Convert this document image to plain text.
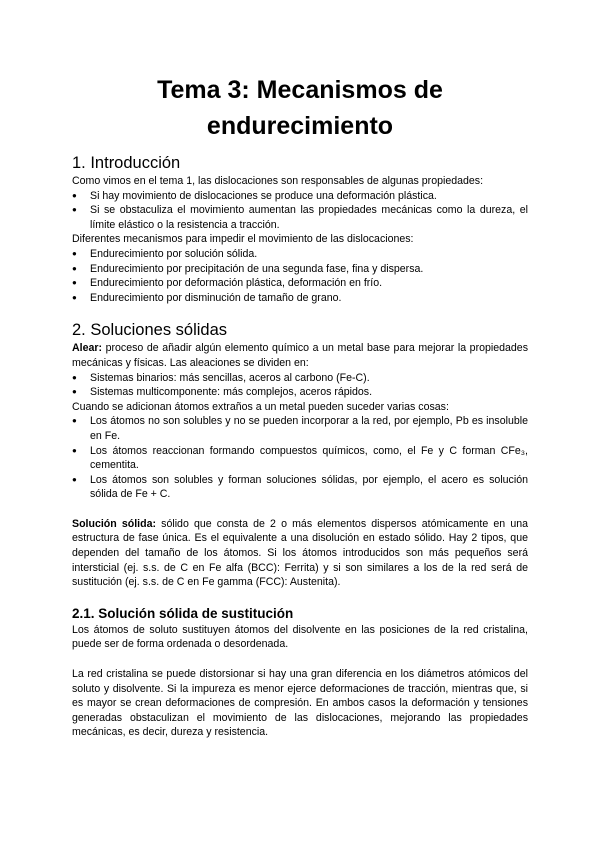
Tema 3: Mecanismos de endurecimiento
1. Introducción

Como vimos en el tema 1, las dislocaciones son responsables de algunas propiedades:

● Si hay movimiento de dislocaciones se produce una deformación plástica.
● Si se obstaculiza el movimiento aumentan las propiedades mecánicas como la dureza, el límite elástico o la resistencia a tracción.

Diferentes mecanismos para impedir el movimiento de las dislocaciones:

● Endurecimiento por solución sólida.
● Endurecimiento por precipitación de una segunda fase, fina y dispersa.
● Endurecimiento por deformación plástica, deformación en frío.
● Endurecimiento por disminución de tamaño de grano.
2. Soluciones sólidas

Alear: proceso de añadir algún elemento químico a un metal base para mejorar la propiedades mecánicas y físicas. Las aleaciones se dividen en:

● Sistemas binarios: más sencillas, aceros al carbono (Fe-C).
● Sistemas multicomponente: más complejos, aceros rápidos.

Cuando se adicionan átomos extraños a un metal pueden suceder varias cosas:

● Los átomos no son solubles y no se pueden incorporar a la red, por ejemplo, Pb es insoluble en Fe.
● Los átomos reaccionan formando compuestos químicos, como, el Fe y C forman CFe₃, cementita.
● Los átomos son solubles y forman soluciones sólidas, por ejemplo, el acero es solución sólida de Fe + C.

Solución sólida: sólido que consta de 2 o más elementos dispersos atómicamente en una estructura de fase única. Es el equivalente a una disolución en estado sólido. Hay 2 tipos, que dependen del tamaño de los átomos. Si los átomos introducidos son más pequeños será intersticial (ej. s.s. de C en Fe alfa (BCC): Ferrita) y si son similares a los de la red será de sustitución (ej. s.s. de C en Fe gamma (FCC): Austenita).

2.1. Solución sólida de sustitución

Los átomos de soluto sustituyen átomos del disolvente en las posiciones de la red cristalina, puede ser de forma ordenada o desordenada.

La red cristalina se puede distorsionar si hay una gran diferencia en los diámetros atómicos del soluto y disolvente. Si la impureza es menor ejerce deformaciones de tracción, mientras que, si es mayor se crean deformaciones de compresión. En ambos casos la deformación y tensiones generadas obstaculizan el movimiento de las dislocaciones, mejorando las propiedades mecánicas, es decir, dureza y resistencia.
